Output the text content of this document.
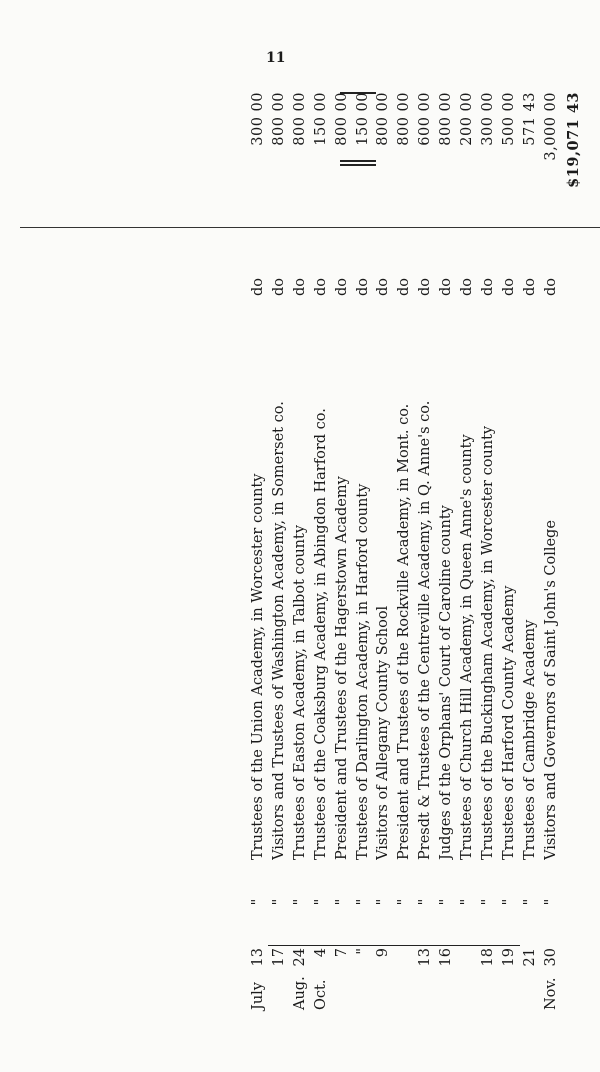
11
July
13
"
Trustees of the Union Academy, in Worcester county
do
300 00
17
"
Visitors and Trustees of Washington Academy, in Somerset co.
do
800 00
Aug.
24
"
Trustees of Easton Academy, in Talbot county
do
800 00
Oct.
4
"
Trustees of the Coaksburg Academy, in Abingdon Harford co.
do
150 00
7
"
President and Trustees of the Hagerstown Academy
do
800 00
"
"
Trustees of Darlington Academy, in Harford county
do
150 00
9
"
Visitors of Allegany County School
do
800 00
"
President and Trustees of the Rockville Academy, in Mont. co.
do
800 00
13
"
Presdt & Trustees of the Centreville Academy, in Q. Anne's co.
do
600 00
16
"
Judges of the Orphans' Court of Caroline county
do
800 00
"
Trustees of Church Hill Academy, in Queen Anne's county
do
200 00
18
"
Trustees of the Buckingham Academy, in Worcester county
do
300 00
19
"
Trustees of Harford County Academy
do
500 00
21
"
Trustees of Cambridge Academy
do
571 43
Nov.
30
"
Visitors and Governors of Saint John's College
do
3,000 00 $19,071 43
